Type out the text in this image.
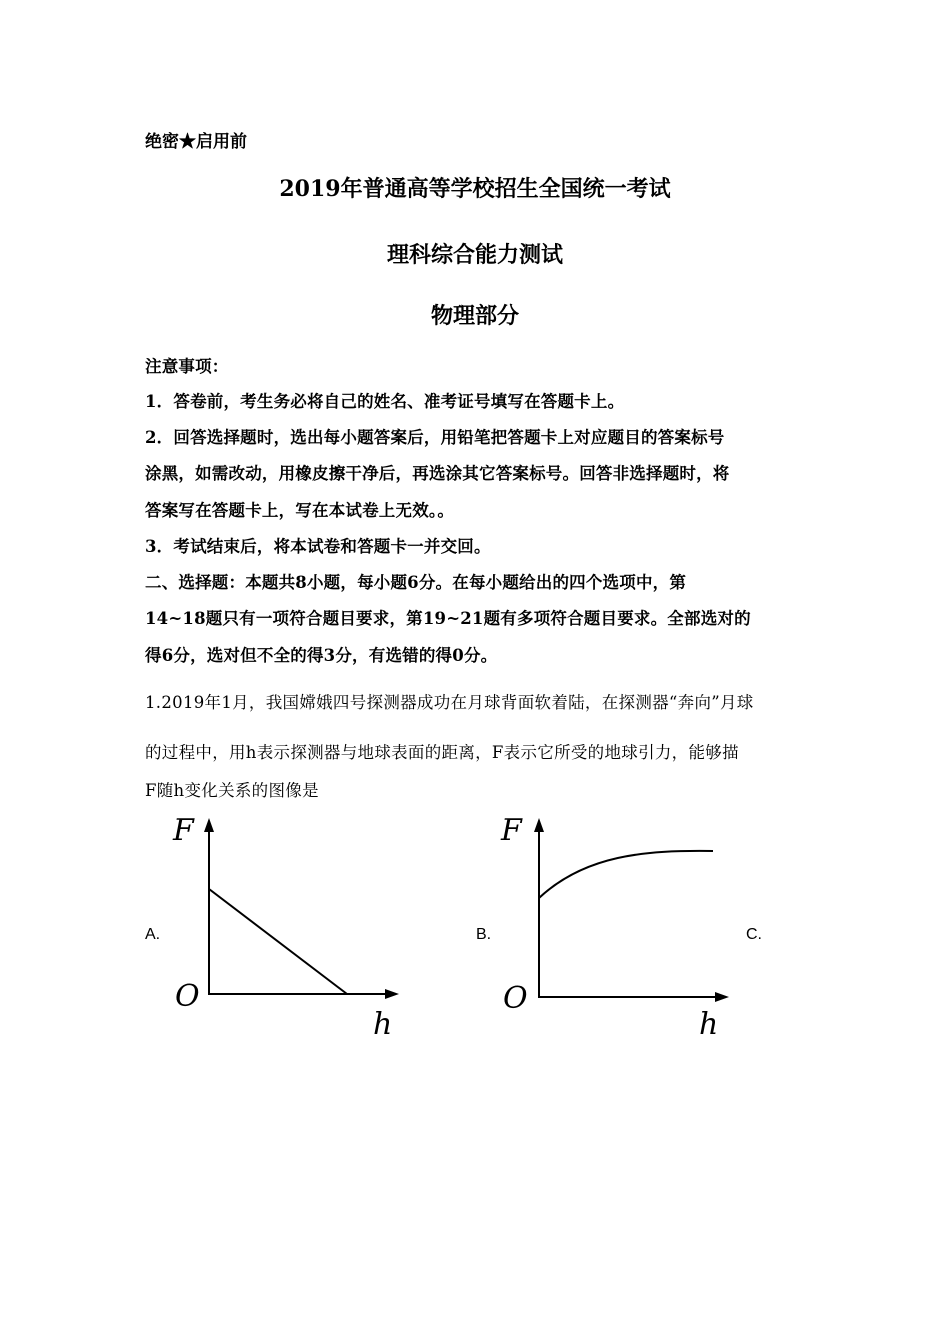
绝密★启用前
2019年普通高等学校招生全国统一考试
理科综合能力测试
物理部分
注意事项：
1．答卷前，考生务必将自己的姓名、准考证号填写在答题卡上。
2．回答选择题时，选出每小题答案后，用铅笔把答题卡上对应题目的答案标号
涂黑，如需改动，用橡皮擦干净后，再选涂其它答案标号。回答非选择题时，将
答案写在答题卡上，写在本试卷上无效。。
3．考试结束后，将本试卷和答题卡一并交回。
二、选择题：本题共8小题，每小题6分。在每小题给出的四个选项中，第
14~18题只有一项符合题目要求，第19~21题有多项符合题目要求。全部选对的
得6分，选对但不全的得3分，有选错的得0分。
1.2019年1月，我国嫦娥四号探测器成功在月球背面软着陆，在探测器“奔向”月球
的过程中，用h表示探测器与地球表面的距离，F表示它所受的地球引力，能够描
F随h变化关系的图像是
A.	B.	C.
F
O
h
F
O
h
